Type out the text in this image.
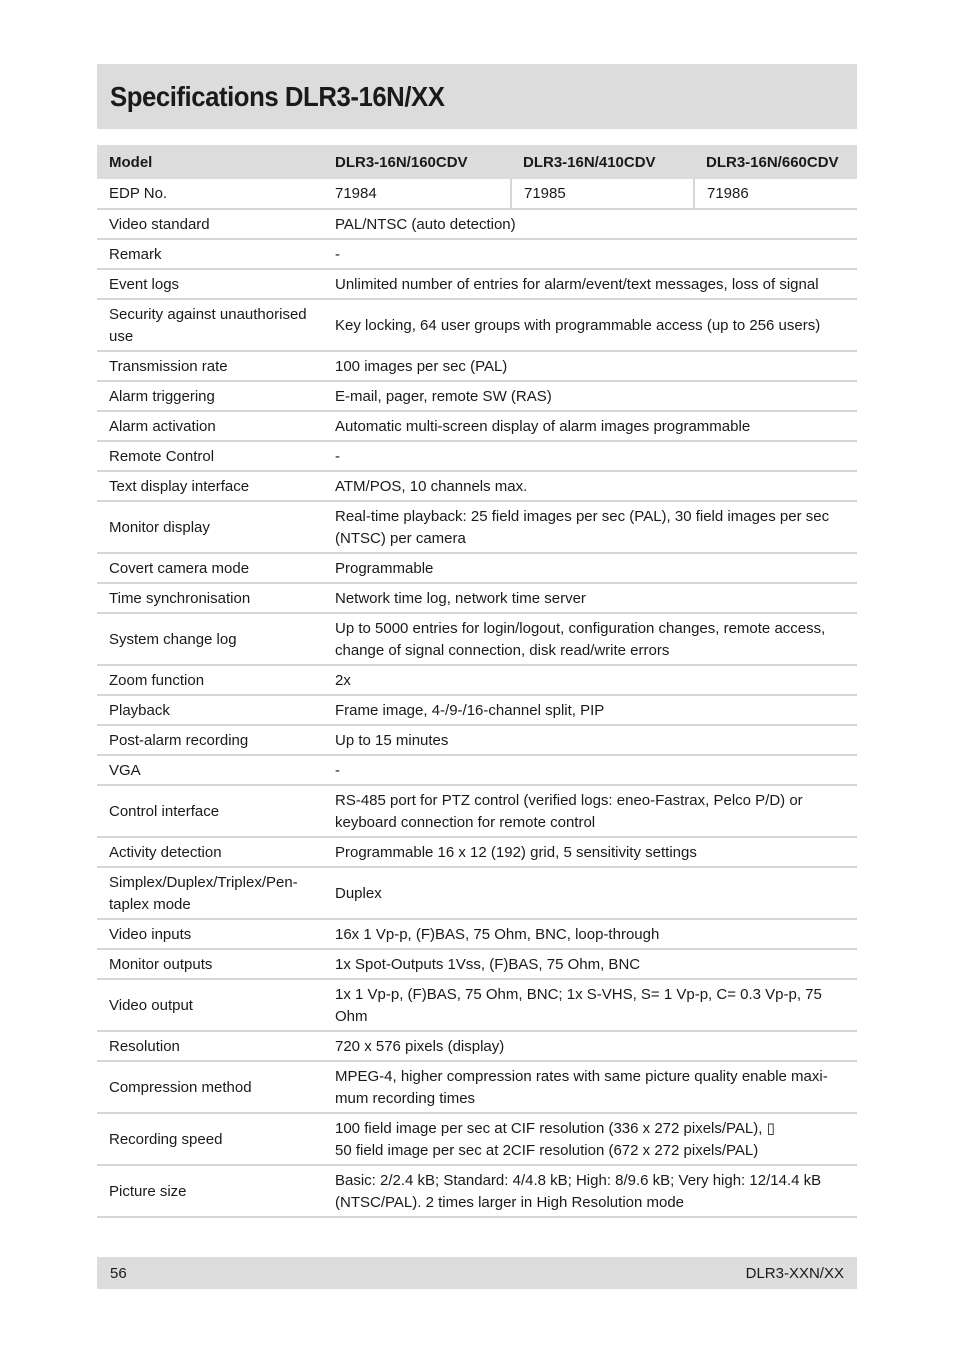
Specifications DLR3-16N/XX
Model	DLR3-16N/160CDV	DLR3-16N/410CDV	DLR3-16N/660CDV
EDP No.	71984	71985	71986
Video standard	PAL/NTSC (auto detection)		
Remark	-		
Event logs	Unlimited number of entries for alarm/event/text messages, loss of signal		
Security against unauthorised use	Key locking, 64 user groups with programmable access (up to 256 users)		
Transmission rate	100 images per sec (PAL)		
Alarm triggering	E-mail, pager, remote SW (RAS)		
Alarm activation	Automatic multi-screen display of alarm images programmable		
Remote Control	-		
Text display interface	ATM/POS, 10 channels max.		
Monitor display	Real-time playback: 25 field images per sec (PAL), 30 field images per sec (NTSC) per camera		
Covert camera mode	Programmable		
Time synchronisation	Network time log, network time server		
System change log	Up to 5000 entries for login/logout, configuration changes, remote access, change of signal connection, disk read/write errors		
Zoom function	2x		
Playback	Frame image, 4-/9-/16-channel split, PIP		
Post-alarm recording	Up to 15 minutes		
VGA	-		
Control interface	RS-485 port for PTZ control (verified logs: eneo-Fastrax, Pelco P/D) or keyboard connection for remote control		
Activity detection	Programmable 16 x 12 (192) grid, 5 sensitivity settings		
Simplex/Duplex/Triplex/Pen-taplex mode	Duplex		
Video inputs	16x 1 Vp-p, (F)BAS, 75 Ohm, BNC, loop-through		
Monitor outputs	1x Spot-Outputs 1Vss, (F)BAS, 75 Ohm, BNC		
Video output	1x 1 Vp-p, (F)BAS, 75 Ohm, BNC; 1x S-VHS, S= 1 Vp-p, C= 0.3 Vp-p, 75 Ohm		
Resolution	720 x 576 pixels (display)		
Compression method	MPEG-4, higher compression rates with same picture quality enable maxi-mum recording times		
Recording speed	100 field image per sec at CIF resolution (336 x 272 pixels/PAL), ▯
50 field image per sec at 2CIF resolution (672 x 272 pixels/PAL)		
Picture size	Basic: 2/2.4 kB; Standard: 4/4.8 kB; High: 8/9.6 kB; Very high: 12/14.4 kB (NTSC/PAL). 2 times larger in High Resolution mode		
56	DLR3-XXN/XX
